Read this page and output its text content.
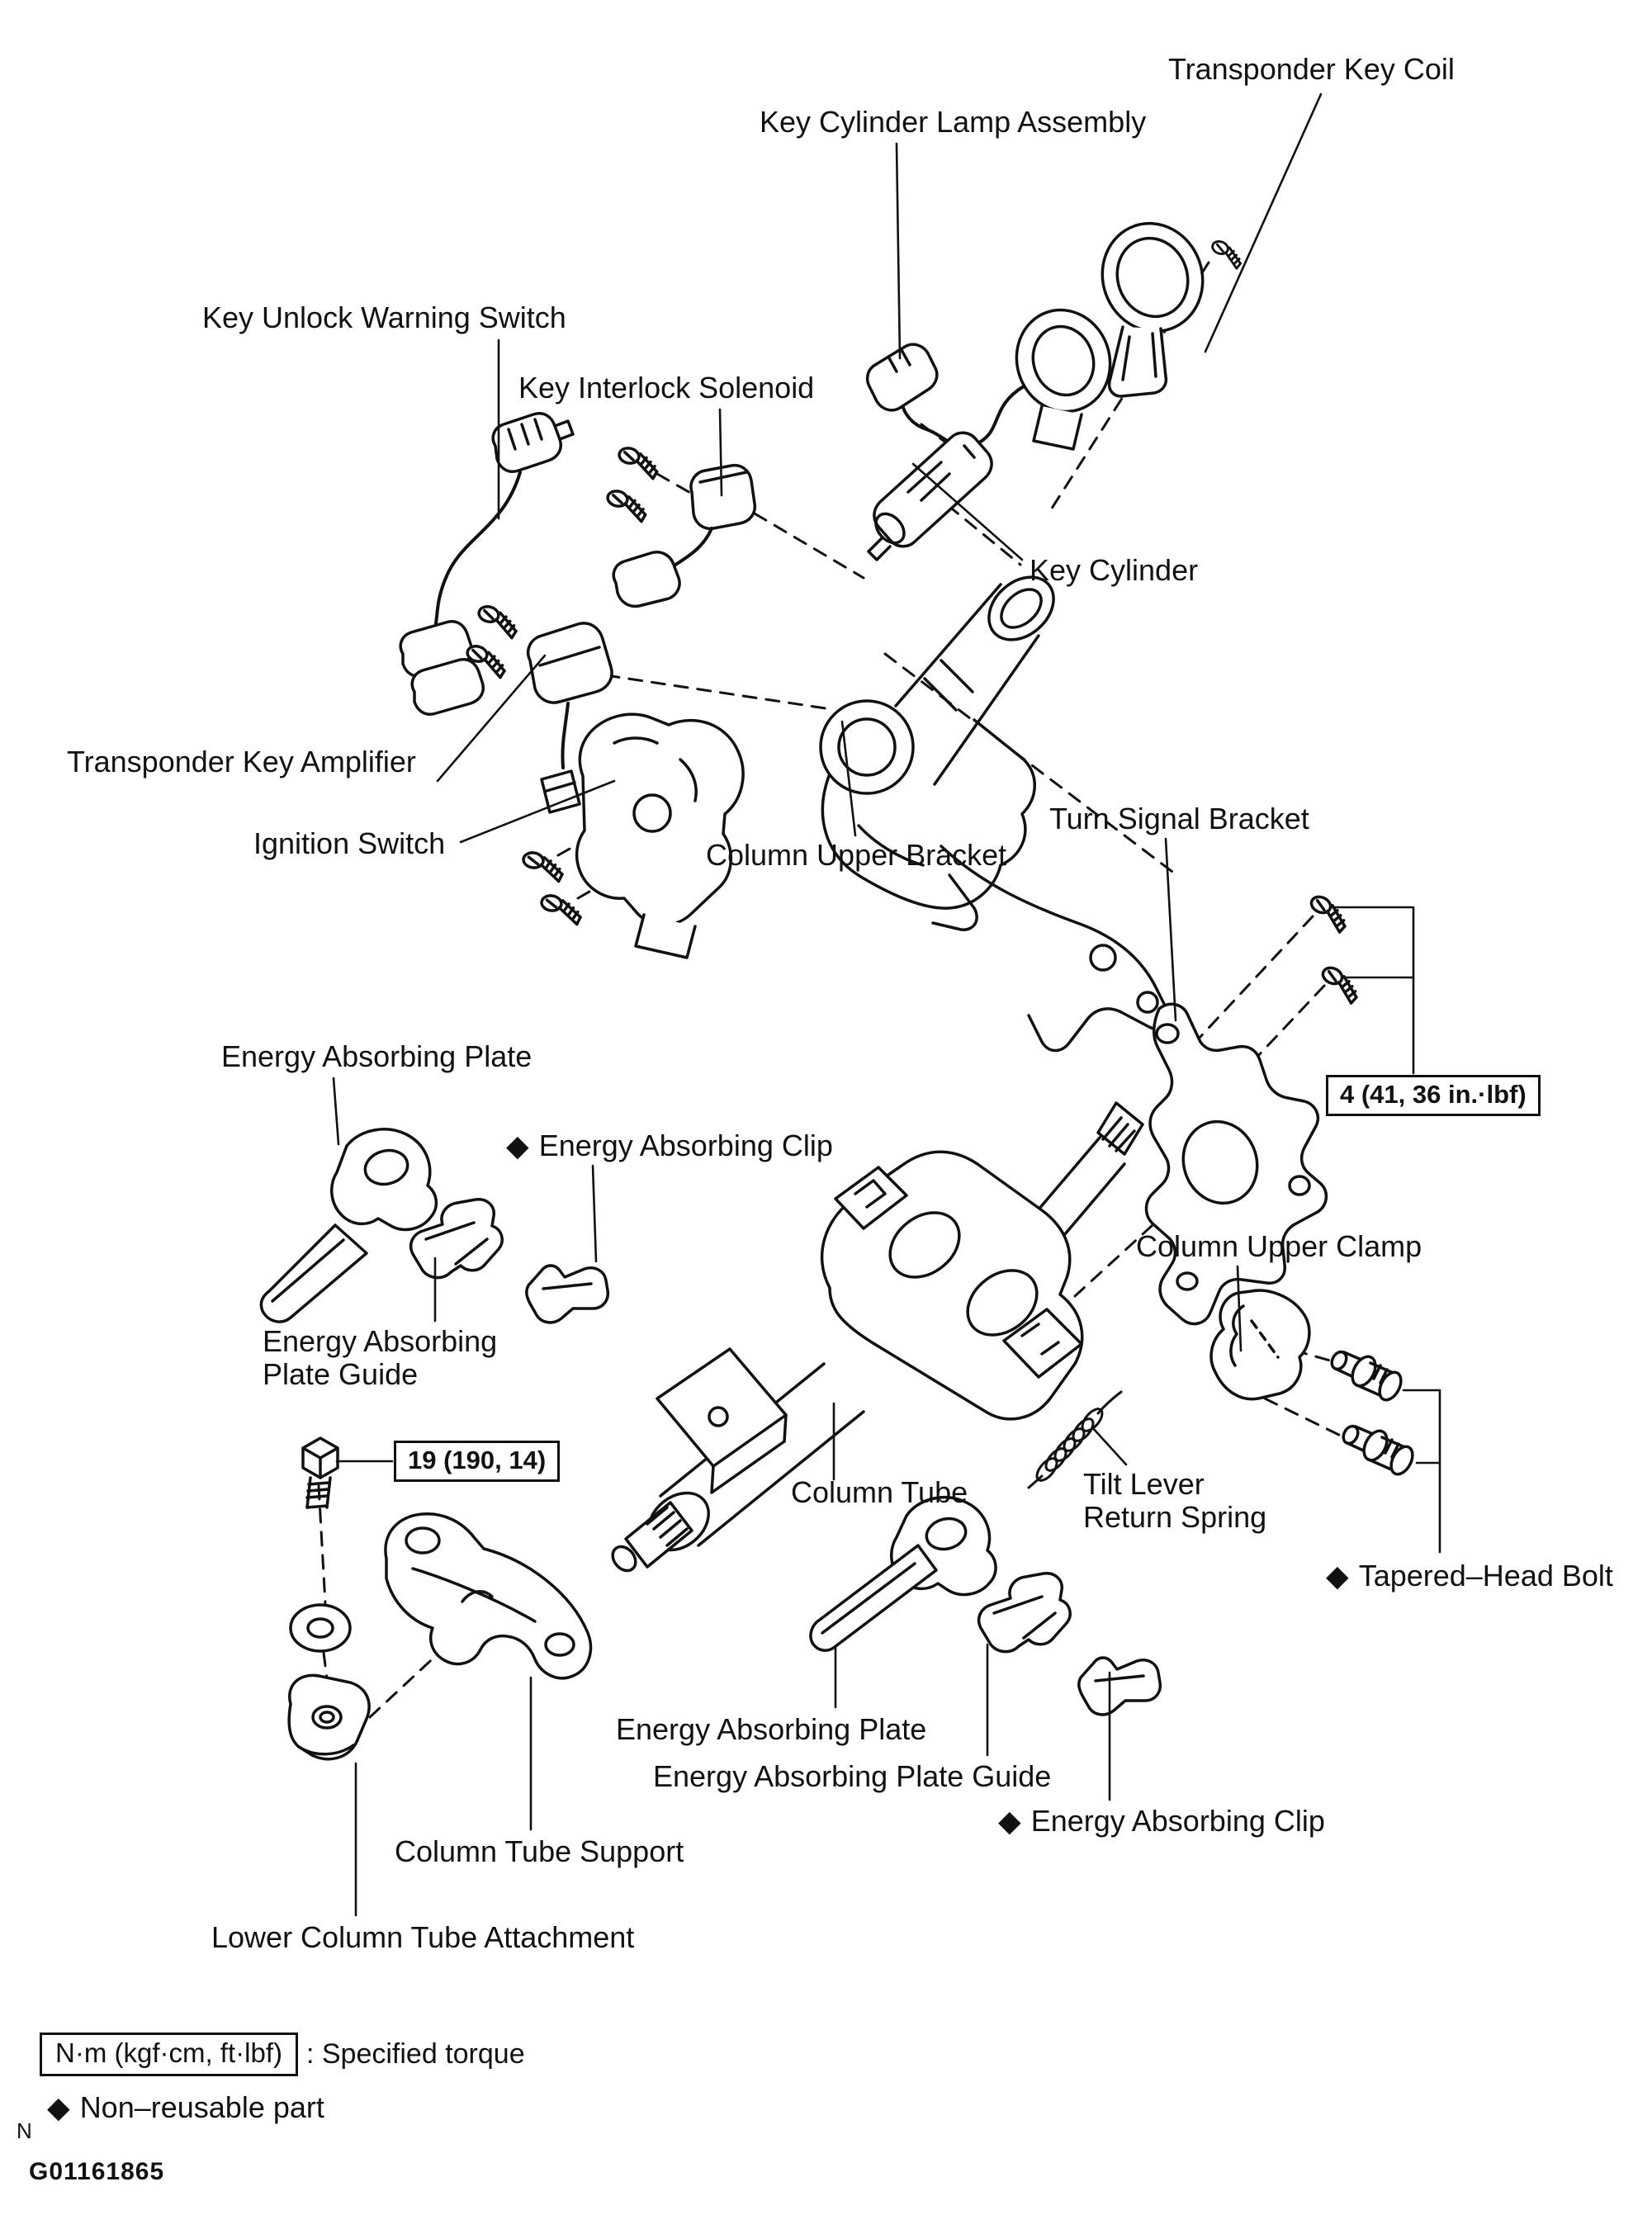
Transponder Key Coil
Key Cylinder Lamp Assembly
Key Unlock Warning Switch
Key Interlock Solenoid
Key Cylinder
Transponder Key Amplifier
Ignition Switch	Column Upper Bracket
Turn Signal Bracket
Energy Absorbing Plate
◆ Energy Absorbing Clip
Energy Absorbing Plate Guide
Column Upper Clamp
Column Tube	Tilt Lever Return Spring
◆ Tapered–Head Bolt
Energy Absorbing Plate
Energy Absorbing Plate Guide
◆ Energy Absorbing Clip
Column Tube Support
Lower Column Tube Attachment
4 (41, 36 in.·lbf)
19 (190, 14)
N·m (kgf·cm, ft·lbf) : Specified torque
◆ Non–reusable part
N
G01161865
